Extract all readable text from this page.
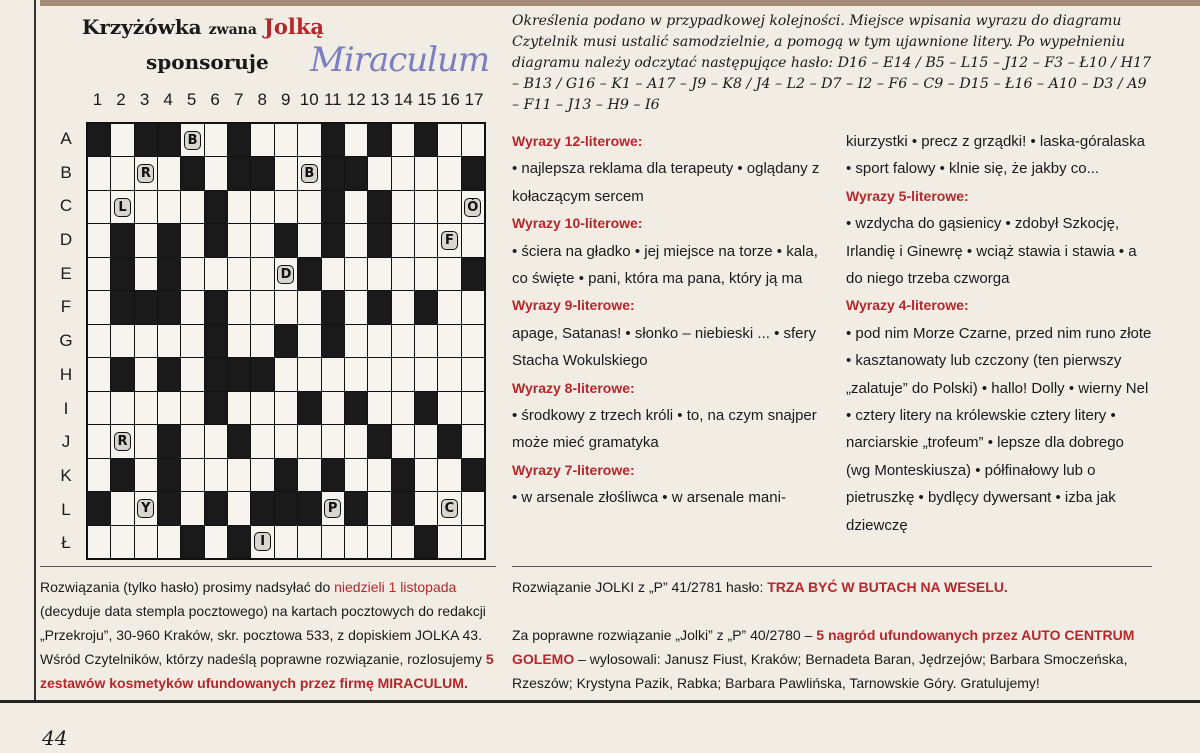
Krzyżówka zwana Jolką
sponsoruje Miraculum
1 2 3 4 5 6 7 8 9 10 11 12 13 14 15 16 17
A
B
C
D
E
F
G
H
I
J
K
L
Ł
B
R	B
L	Ó
F
D
R
Y	P	C
I
Określenia podano w przypadkowej kolejności. Miejsce wpisania wyrazu do diagramu Czytelnik musi ustalić samodzielnie, a pomogą w tym ujawnione litery. Po wypełnieniu diagramu należy odczytać następujące hasło: D16 – E14 / B5 – L15 – J12 – F3 – Ł10 / H17 – B13 / G16 – K1 – A17 – J9 – K8 / J4 – L2 – D7 – I2 – F6 – C9 – D15 – Ł16 – A10 – D3 / A9 – F11 – J13 – H9 – I6
Wyrazy 12-literowe:
• najlepsza reklama dla terapeuty • oglądany z kołaczącym sercem
Wyrazy 10-literowe:
• ściera na gładko • jej miejsce na torze • kala, co święte • pani, która ma pana, który ją ma
Wyrazy 9-literowe:
apage, Satanas! • słonko – niebieski ... • sfery Stacha Wokulskiego
Wyrazy 8-literowe:
• środkowy z trzech króli • to, na czym snajper może mieć gramatyka
Wyrazy 7-literowe:
• w arsenale złośliwca • w arsenale mani-
kiurzystki • precz z grządki! • laska-góralaska • sport falowy • klnie się, że jakby co...
Wyrazy 5-literowe:
• wzdycha do gąsienicy • zdobył Szkocję, Irlandię i Ginewrę • wciąż stawia i stawia • a do niego trzeba czworga
Wyrazy 4-literowe:
• pod nim Morze Czarne, przed nim runo złote • kasztanowaty lub czczony (ten pierwszy „zalatuje” do Polski) • hallo! Dolly • wierny Nel • cztery litery na królewskie cztery litery • narciarskie „trofeum” • lepsze dla dobrego (wg Monteskiusza) • półfinałowy lub o pietruszkę • bydlęcy dywersant • izba jak dziewczę
Rozwiązania (tylko hasło) prosimy nadsyłać do niedzieli 1 listopada (decyduje data stempla pocztowego) na kartach pocztowych do redakcji „Przekroju”, 30-960 Kraków, skr. pocztowa 533, z dopiskiem JOLKA 43. Wśród Czytelników, którzy nadeślą poprawne rozwiązanie, rozlosujemy 5 zestawów kosmetyków ufundowanych przez firmę MIRACULUM.
Rozwiązanie JOLKI z „P” 41/2781 hasło: TRZA BYĆ W BUTACH NA WESELU.
Za poprawne rozwiązanie „Jolki” z „P” 40/2780 – 5 nagród ufundowanych przez AUTO CENTRUM GOLEMO – wylosowali: Janusz Fiust, Kraków; Bernadeta Baran, Jędrzejów; Barbara Smoczeńska, Rzeszów; Krystyna Pazik, Rabka; Barbara Pawlińska, Tarnowskie Góry. Gratulujemy!
44
